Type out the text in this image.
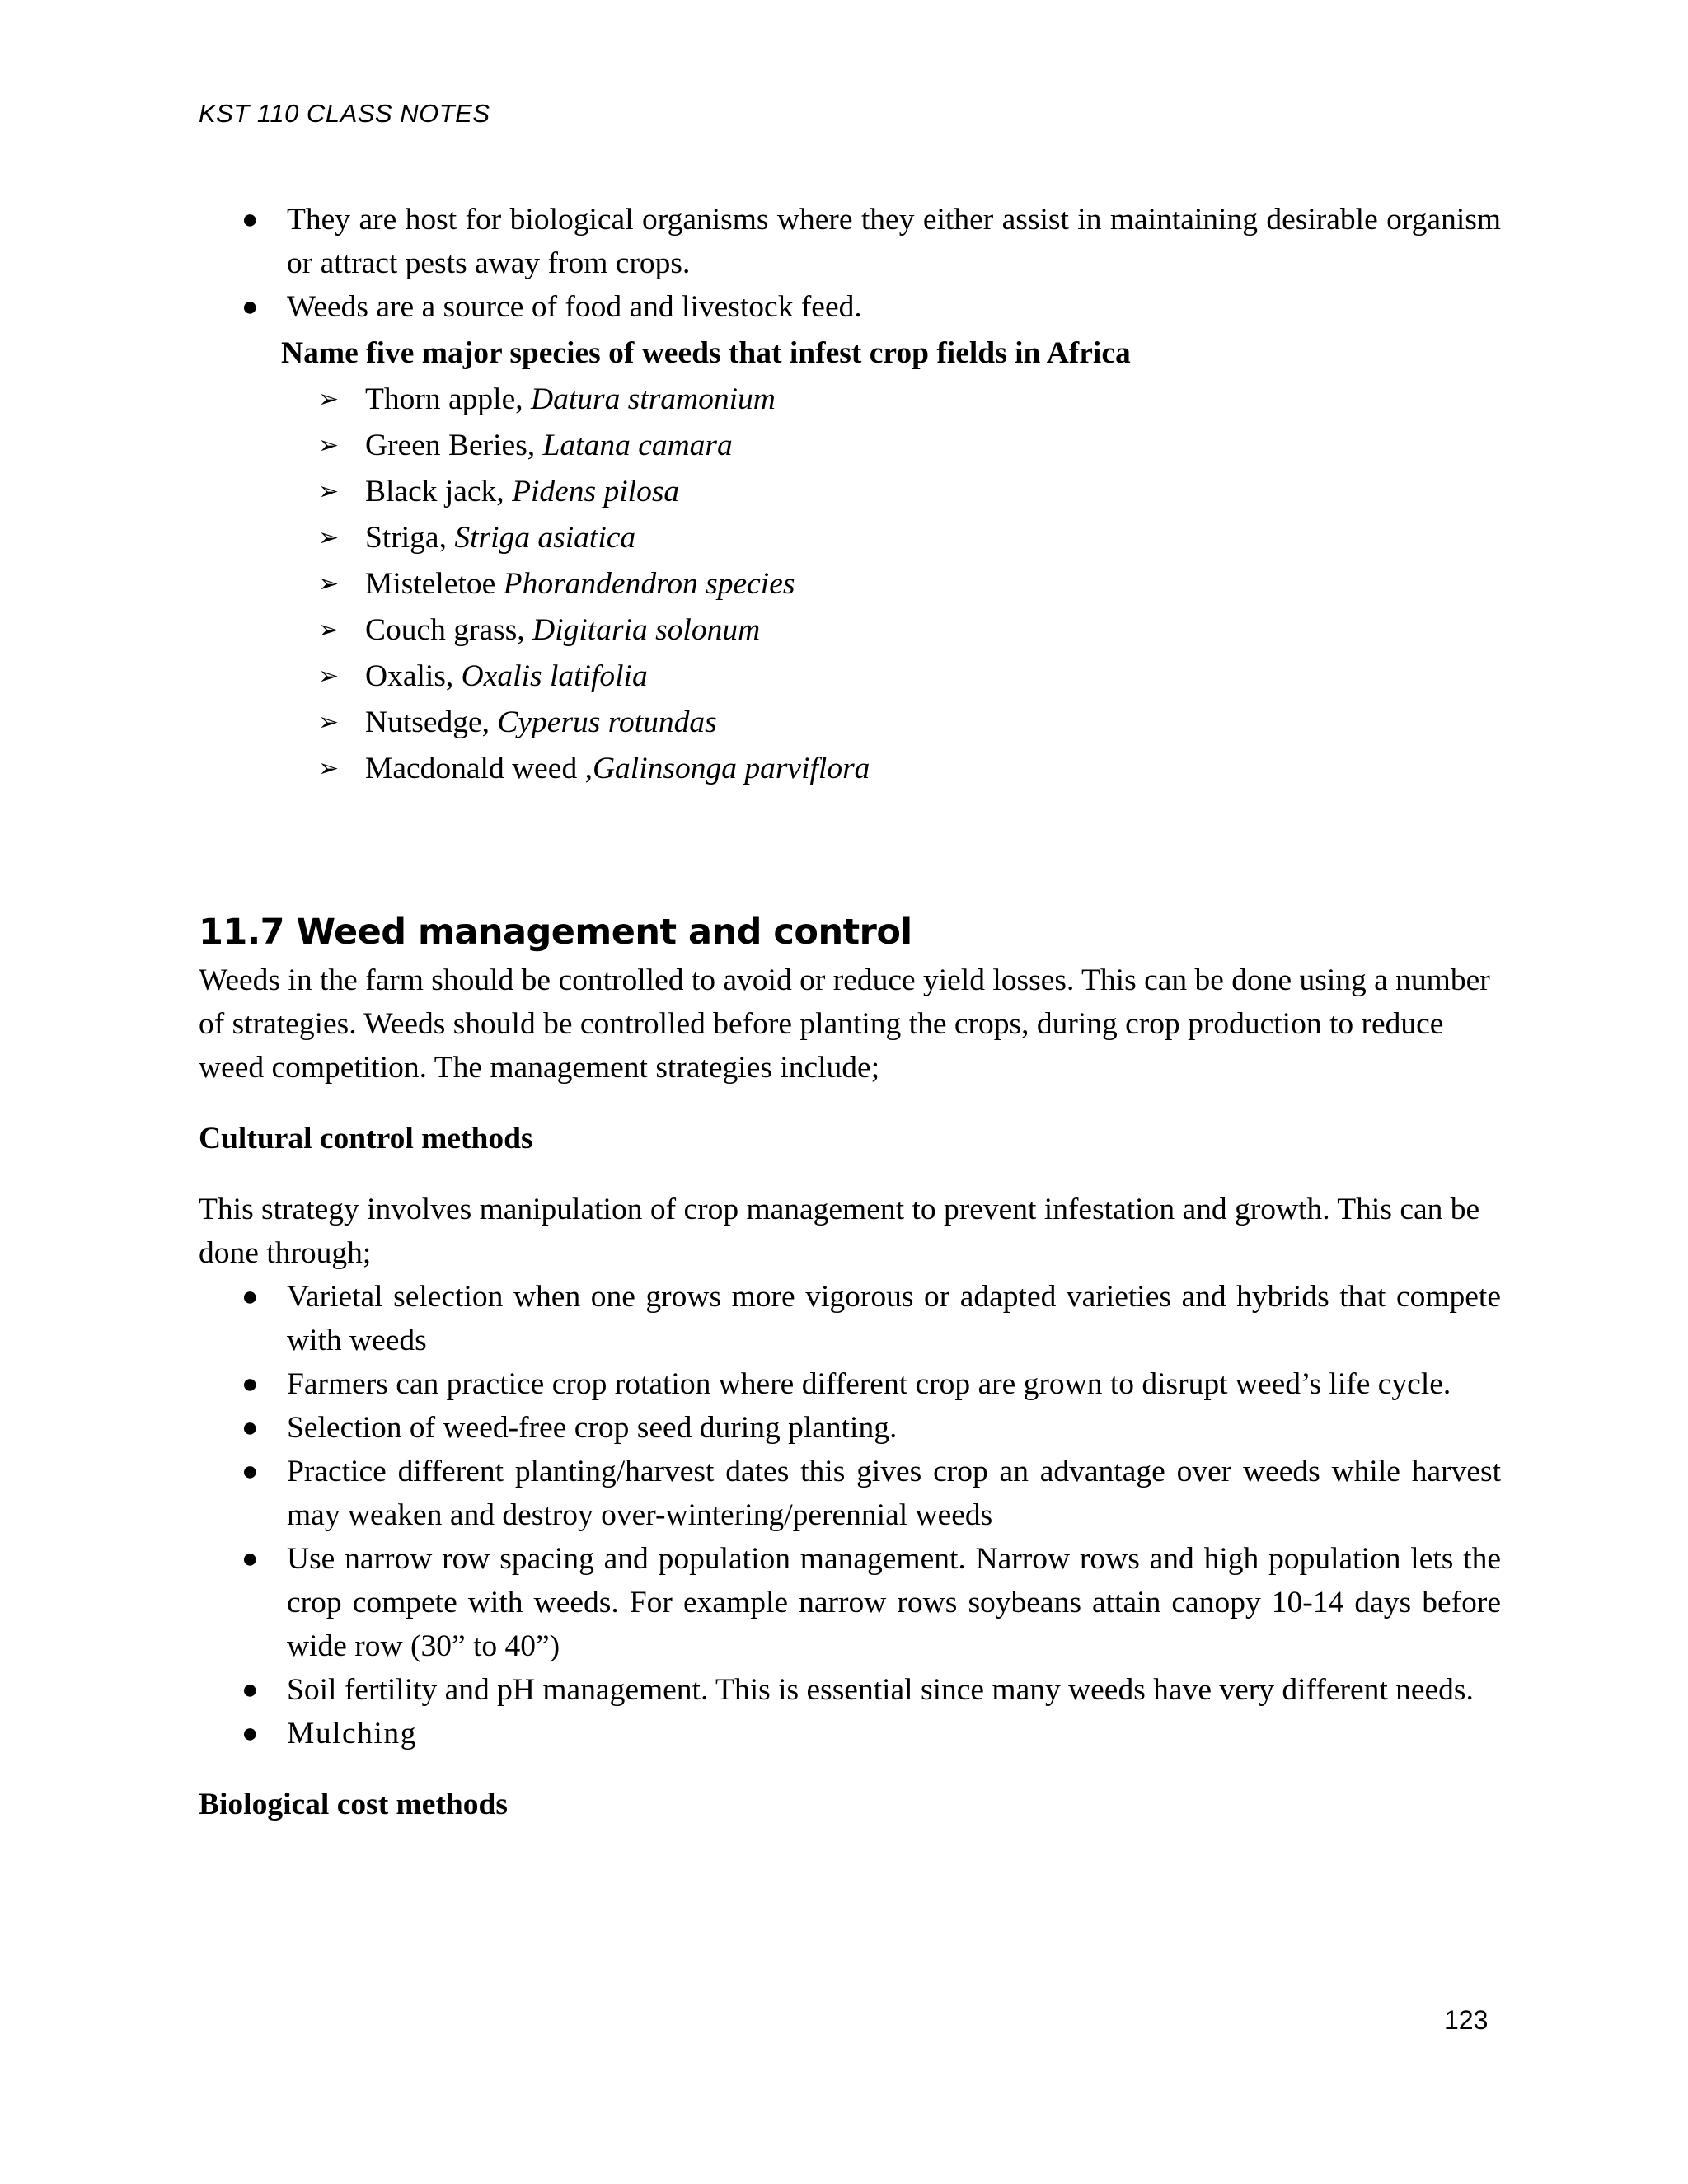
KST 110 CLASS NOTES
● They are host for biological organisms where they either assist in maintaining desirable organism or attract pests away from crops.
● Weeds are a source of food and livestock feed.
Name five major species of weeds that infest crop fields in Africa
➢ Thorn apple, Datura stramonium
➢ Green Beries, Latana camara
➢ Black jack, Pidens pilosa
➢ Striga, Striga asiatica
➢ Misteletoe Phorandendron species
➢ Couch grass, Digitaria solonum
➢ Oxalis, Oxalis latifolia
➢ Nutsedge, Cyperus rotundas
➢ Macdonald weed ,Galinsonga parviflora
11.7 Weed management and control

Weeds in the farm should be controlled to avoid or reduce yield losses. This can be done using a number of strategies. Weeds should be controlled before planting the crops, during crop production to reduce weed competition. The management strategies include;

Cultural control methods

This strategy involves manipulation of crop management to prevent infestation and growth. This can be done through;

● Varietal selection when one grows more vigorous or adapted varieties and hybrids that compete with weeds
● Farmers can practice crop rotation where different crop are grown to disrupt weed’s life cycle.
● Selection of weed-free crop seed during planting.
● Practice different planting/harvest dates this gives crop an advantage over weeds while harvest may weaken and destroy over-wintering/perennial weeds
● Use narrow row spacing and population management. Narrow rows and high population lets the crop compete with weeds. For example narrow rows soybeans attain canopy 10-14 days before wide row (30” to 40”)
● Soil fertility and pH management. This is essential since many weeds have very different needs.
● Mulching
Biological cost methods
123
